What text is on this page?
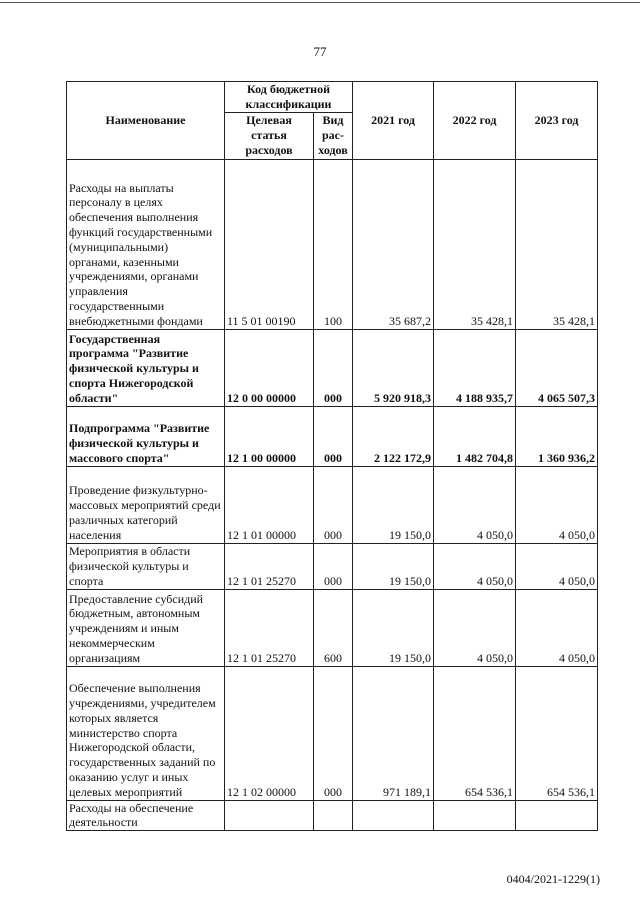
77
Наименование	Код бюджетной классификации		2021 год	2022 год	2023 год
	Целевая статья расходов	Вид рас-ходов			
Расходы на выплаты персоналу в целях обеспечения выполнения функций государственными (муниципальными) органами, казенными учреждениями, органами управления государственными внебюджетными фондами	11 5 01 00190	100	35 687,2	35 428,1	35 428,1
Государственная программа "Развитие физической культуры и спорта Нижегородской области"	12 0 00 00000	000	5 920 918,3	4 188 935,7	4 065 507,3
Подпрограмма "Развитие физической культуры и массового спорта"	12 1 00 00000	000	2 122 172,9	1 482 704,8	1 360 936,2
Проведение физкультурно-массовых мероприятий среди различных категорий населения	12 1 01 00000	000	19 150,0	4 050,0	4 050,0
Мероприятия в области физической культуры и спорта	12 1 01 25270	000	19 150,0	4 050,0	4 050,0
Предоставление субсидий бюджетным, автономным учреждениям и иным некоммерческим организациям	12 1 01 25270	600	19 150,0	4 050,0	4 050,0
Обеспечение выполнения учреждениями, учредителем которых является министерство спорта Нижегородской области, государственных заданий по оказанию услуг и иных целевых мероприятий	12 1 02 00000	000	971 189,1	654 536,1	654 536,1
Расходы на обеспечение деятельности					
0404/2021-1229(1)
